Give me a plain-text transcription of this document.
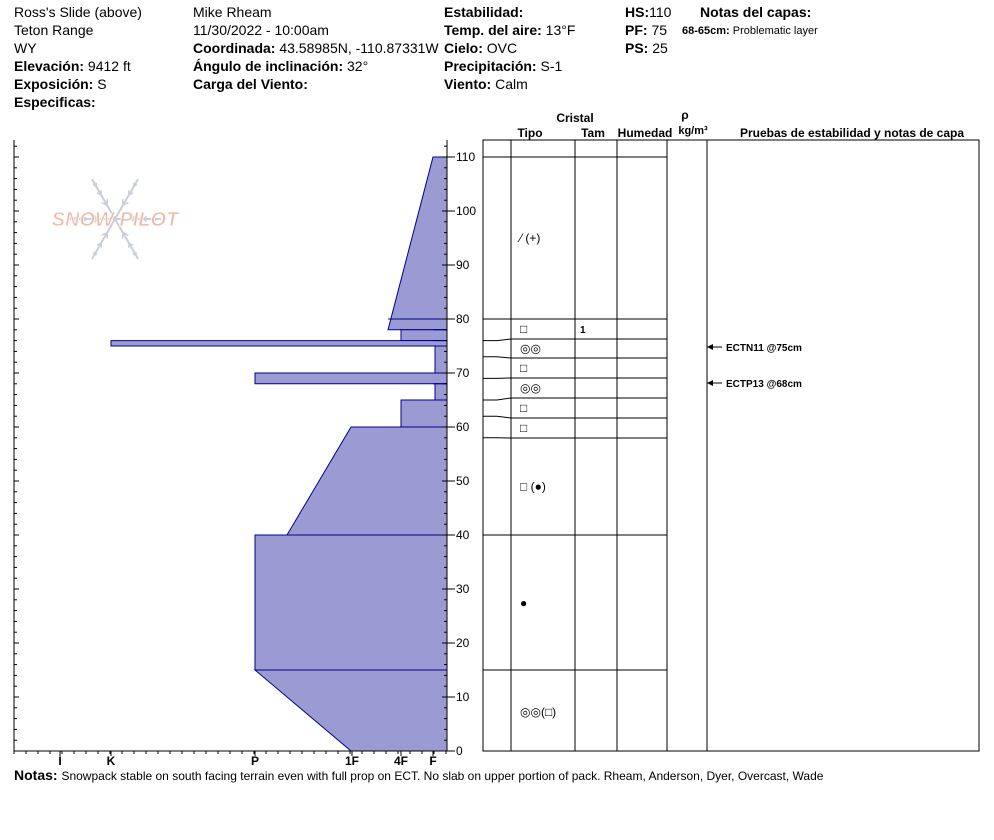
Ross's Slide (above)
Teton Range
WY
Elevación: 9412 ft
Exposición: S
Especificas:
Mike Rheam
11/30/2022 - 10:00am
Coordinada: 43.58985N, -110.87331W
Ángulo de inclinación: 32°
Carga del Viento:
Estabilidad:
Temp. del aire: 13°F
Cielo: OVC
Precipitación: S-1
Viento: Calm
HS:110
PF: 75
PS: 25
Notas del capas:
68-65cm: Problematic layer
SNOW PILOT
I	K	P	1F	4F F
0
10
20
30
40
50
60
70
80
90
100
110
Cristal
Tipo	Tam Humedad
ρ
kg/m³	Pruebas de estabilidad y notas de capa
⁄ (+)
□	1
◎◎
□
◎◎
□
□
□ (●)
●
◎◎(□)
ECTN11 @75cm
ECTP13 @68cm
Notas: Snowpack stable on south facing terrain even with full prop on ECT. No slab on upper portion of pack. Rheam, Anderson, Dyer, Overcast, Wade
